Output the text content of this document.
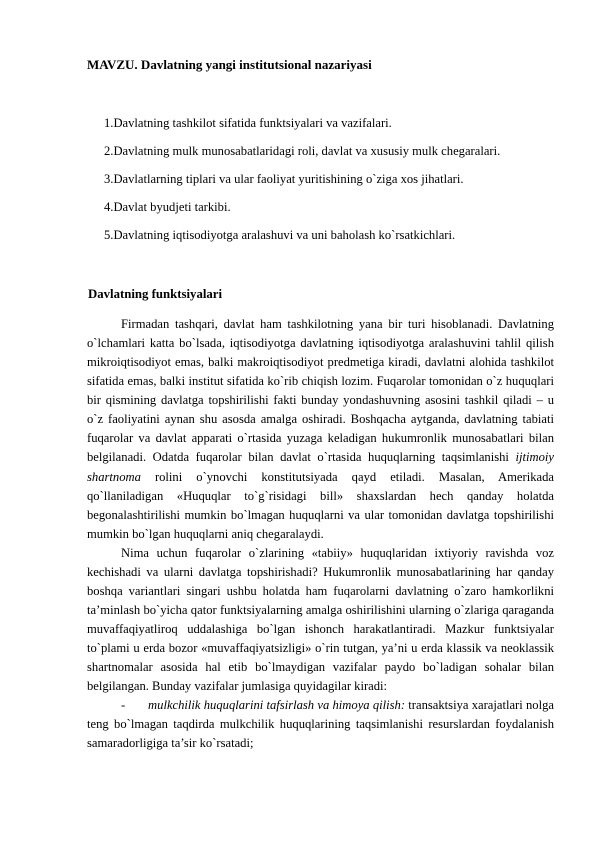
MAVZU. Davlatning yangi institutsional nazariyasi
1.Davlatning tashkilot sifatida funktsiyalari va vazifalari.
2.Davlatning mulk munosabatlaridagi roli, davlat va xususiy mulk chegaralari.
3.Davlatlarning tiplari va ular faoliyat yuritishining o`ziga xos jihatlari.
4.Davlat byudjeti tarkibi.
5.Davlatning iqtisodiyotga aralashuvi va uni baholash ko`rsatkichlari.
Davlatning funktsiyalari

Firmadan tashqari, davlat ham tashkilotning yana bir turi hisoblanadi. Davlatning o`lchamlari katta bo`lsada, iqtisodiyotga davlatning iqtisodiyotga aralashuvini tahlil qilish mikroiqtisodiyot emas, balki makroiqtisodiyot predmetiga kiradi, davlatni alohida tashkilot sifatida emas, balki institut sifatida ko`rib chiqish lozim. Fuqarolar tomonidan o`z huquqlari bir qismining davlatga topshirilishi fakti bunday yondashuvning asosini tashkil qiladi – u o`z faoliyatini aynan shu asosda amalga oshiradi. Boshqacha aytganda, davlatning tabiati fuqarolar va davlat apparati o`rtasida yuzaga keladigan hukumronlik munosabatlari bilan belgilanadi. Odatda fuqarolar bilan davlat o`rtasida huquqlarning taqsimlanishi ijtimoiy shartnoma rolini o`ynovchi konstitutsiyada qayd etiladi. Masalan, Amerikada qo`llaniladigan «Huquqlar to`g`risidagi bill» shaxslardan hech qanday holatda begonalashtirilishi mumkin bo`lmagan huquqlarni va ular tomonidan davlatga topshirilishi mumkin bo`lgan huquqlarni aniq chegaralaydi.

Nima uchun fuqarolar o`zlarining «tabiiy» huquqlaridan ixtiyoriy ravishda voz kechishadi va ularni davlatga topshirishadi? Hukumronlik munosabatlarining har qanday boshqa variantlari singari ushbu holatda ham fuqarolarni davlatning o`zaro hamkorlikni ta’minlash bo`yicha qator funktsiyalarning amalga oshirilishini ularning o`zlariga qaraganda muvaffaqiyatliroq uddalashiga bo`lgan ishonch harakatlantiradi. Mazkur funktsiyalar to`plami u erda bozor «muvaffaqiyatsizligi» o`rin tutgan, ya’ni u erda klassik va neoklassik shartnomalar asosida hal etib bo`lmaydigan vazifalar paydo bo`ladigan sohalar bilan belgilangan. Bunday vazifalar jumlasiga quyidagilar kiradi:

- mulkchilik huquqlarini tafsirlash va himoya qilish: transaktsiya xarajatlari nolga teng bo`lmagan taqdirda mulkchilik huquqlarining taqsimlanishi resurslardan foydalanish samaradorligiga ta’sir ko`rsatadi;
